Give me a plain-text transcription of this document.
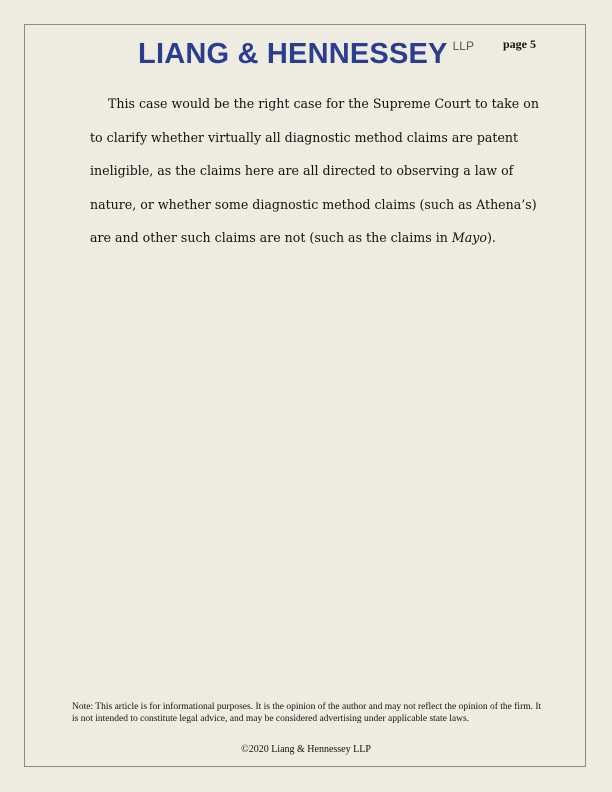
LIANG & HENNESSEY $^{LLP}$	page 5

This case would be the right case for the Supreme Court to take on to clarify whether virtually all diagnostic method claims are patent ineligible, as the claims here are all directed to observing a law of nature, or whether some diagnostic method claims (such as Athena’s) are and other such claims are not (such as the claims in Mayo).

Note: This article is for informational purposes. It is the opinion of the author and may not reflect the opinion of the firm. It is not intended to constitute legal advice, and may be considered advertising under applicable state laws.
©2020 Liang & Hennessey LLP
